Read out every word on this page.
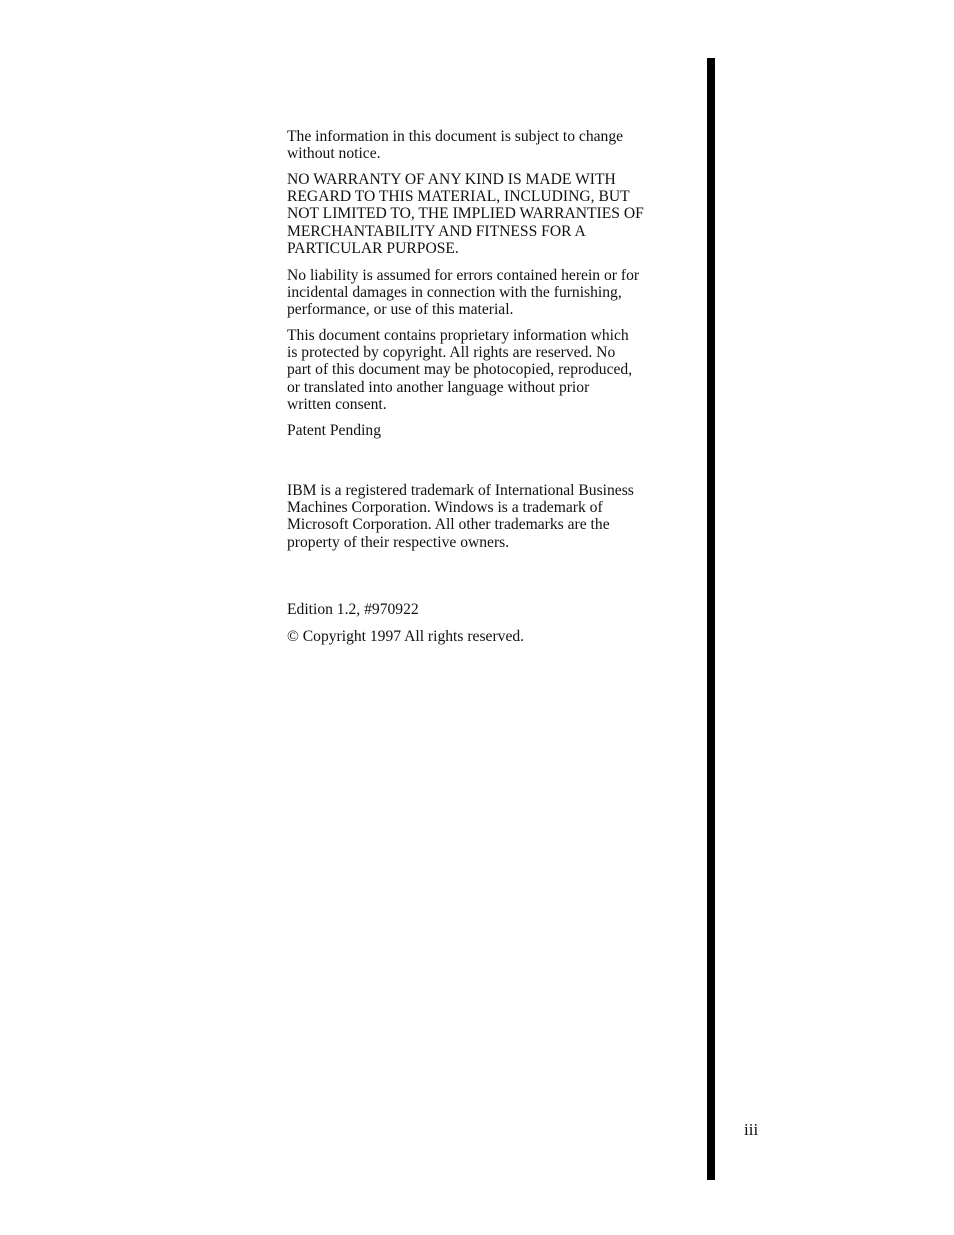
The information in this document is subject to change
without notice.

NO WARRANTY OF ANY KIND IS MADE WITH
REGARD TO THIS MATERIAL, INCLUDING, BUT
NOT LIMITED TO, THE IMPLIED WARRANTIES OF
MERCHANTABILITY AND FITNESS FOR A
PARTICULAR PURPOSE.

No liability is assumed for errors contained herein or for
incidental damages in connection with the furnishing,
performance, or use of this material.

This document contains proprietary information which
is protected by copyright. All rights are reserved. No
part of this document may be photocopied, reproduced,
or translated into another language without prior
written consent.

Patent Pending

IBM is a registered trademark of International Business
Machines Corporation. Windows is a trademark of
Microsoft Corporation. All other trademarks are the
property of their respective owners.

Edition 1.2, #970922

© Copyright 1997 All rights reserved.

iii
